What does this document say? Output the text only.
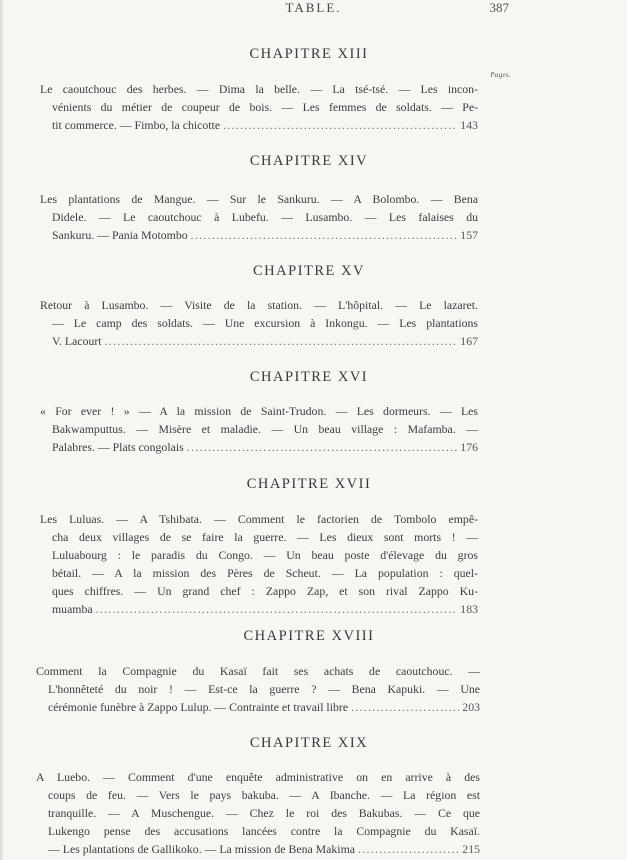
TABLE.	387
CHAPITRE XIII
Pages.
Le caoutchouc des herbes. — Dima la belle. — La tsé-tsé. — Les incon-
vénients du métier de coupeur de bois. — Les femmes de soldats. — Pe-
tit commerce. — Fimbo, la chicotte .....	143
CHAPITRE XIV
Les plantations de Mangue. — Sur le Sankuru. — A Bolombo. — Bena
Didele. — Le caoutchouc à Lubefu. — Lusambo. — Les falaises du
Sankuru. — Pania Motombo .....	157
CHAPITRE XV
Retour à Lusambo. — Visite de la station. — L'hôpital. — Le lazaret.
— Le camp des soldats. — Une excursion à Inkongu. — Les plantations
V. Lacourt .....	167
CHAPITRE XVI
« For ever ! » — A la mission de Saint-Trudon. — Les dormeurs. — Les
Bakwamputtus. — Misère et maladie. — Un beau village : Mafamba. —
Palabres. — Plats congolais .....	176
CHAPITRE XVII
Les Luluas. — A Tshibata. — Comment le factorien de Tombolo empê-
cha deux villages de se faire la guerre. — Les dieux sont morts ! —
Luluabourg : le paradis du Congo. — Un beau poste d'élevage du gros
bétail. — A la mission des Pères de Scheut. — La population : quel-
ques chiffres. — Un grand chef : Zappo Zap, et son rival Zappo Ku-
muamba .....	183
CHAPITRE XVIII
Comment la Compagnie du Kasaï fait ses achats de caoutchouc. —
L'honnêteté du noir ! — Est-ce la guerre ? — Bena Kapuki. — Une
cérémonie funèbre à Zappo Lulup. — Contrainte et travail libre .....	203
CHAPITRE XIX
A Luebo. — Comment d'une enquête administrative on en arrive à des
coups de feu. — Vers le pays bakuba. — A Ibanche. — La région est
tranquille. — A Muschengue. — Chez le roi des Bakubas. — Ce que
Lukengo pense des accusations lancées contre la Compagnie du Kasaï.
— Les plantations de Gallikoko. — La mission de Bena Makima .....	215
